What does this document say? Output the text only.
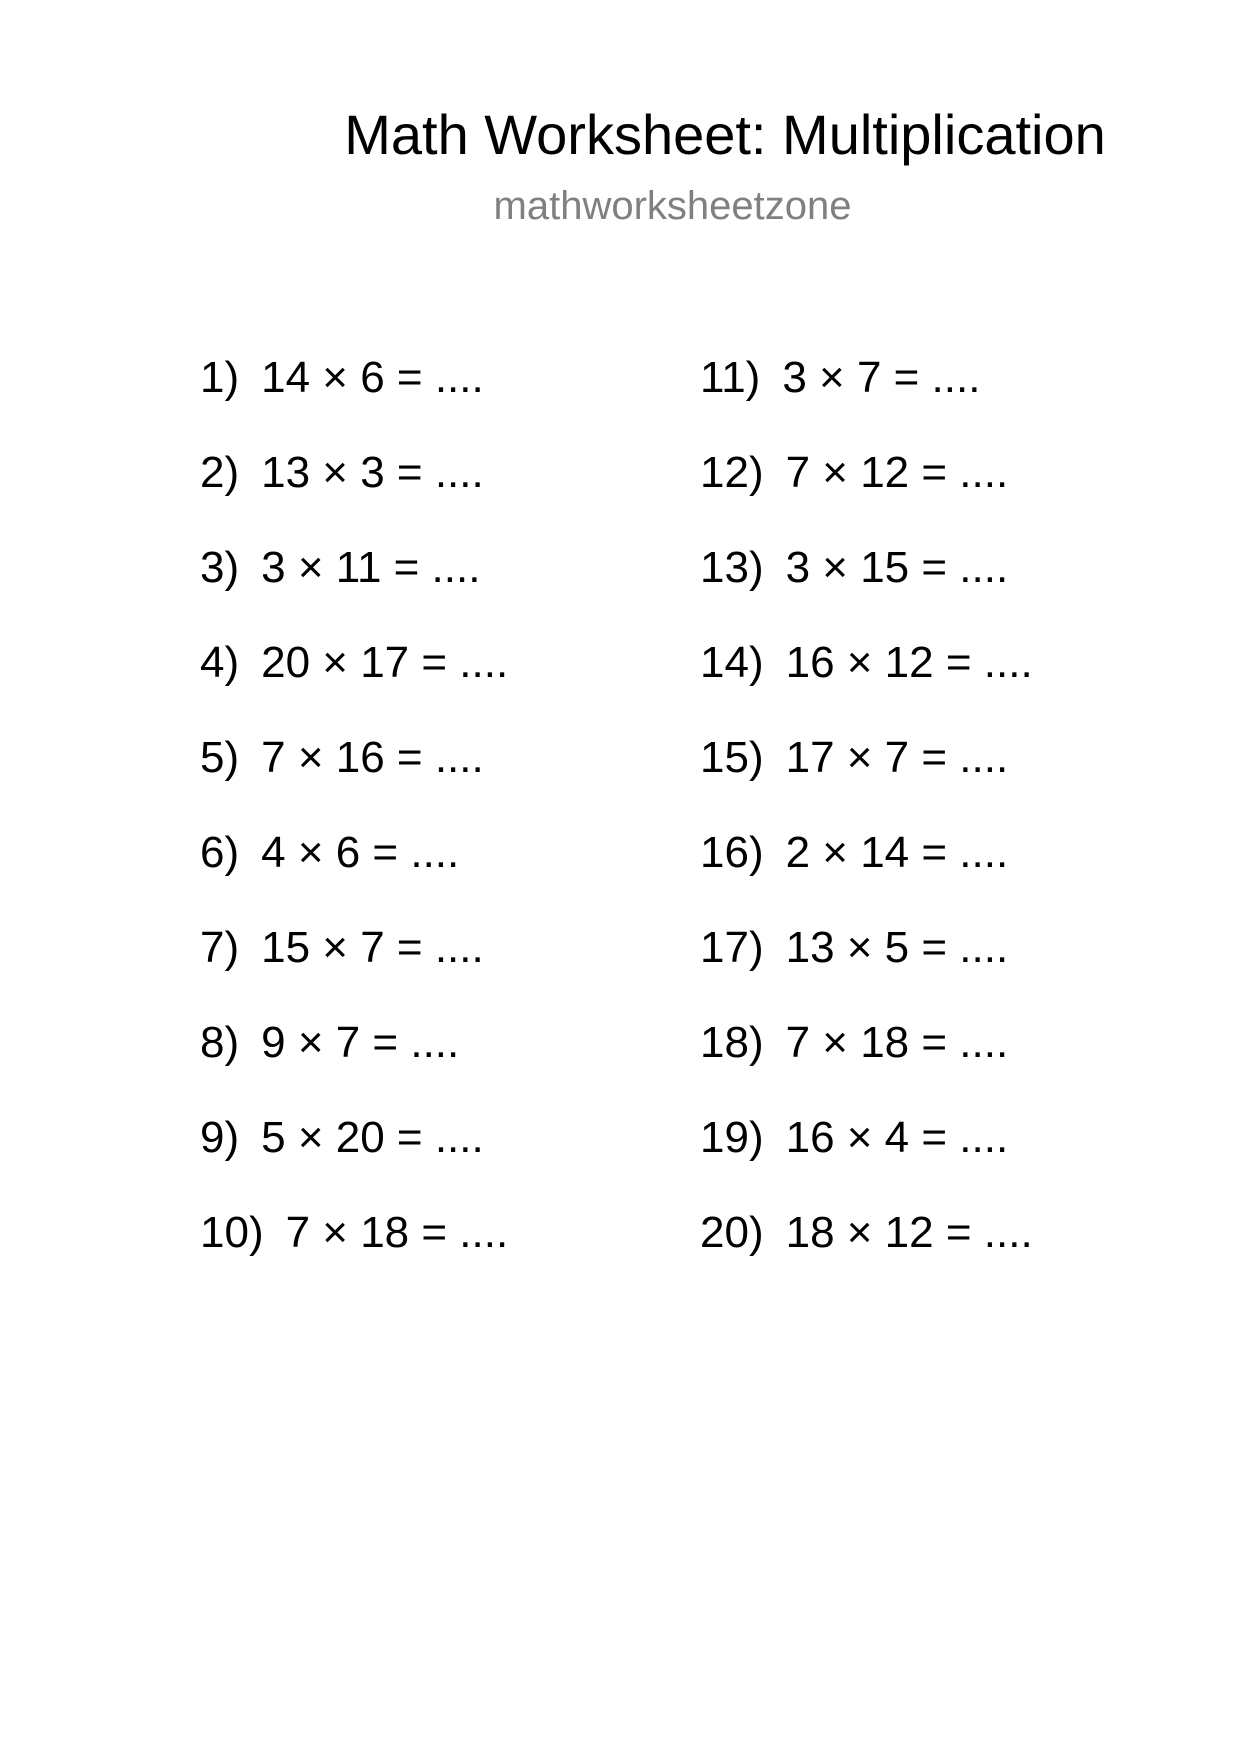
Math Worksheet: Multiplication
mathworksheetzone
1) 14 × 6 = ....
2) 13 × 3 = ....
3) 3 × 11 = ....
4) 20 × 17 = ....
5) 7 × 16 = ....
6) 4 × 6 = ....
7) 15 × 7 = ....
8) 9 × 7 = ....
9) 5 × 20 = ....
10) 7 × 18 = ....
11) 3 × 7 = ....
12) 7 × 12 = ....
13) 3 × 15 = ....
14) 16 × 12 = ....
15) 17 × 7 = ....
16) 2 × 14 = ....
17) 13 × 5 = ....
18) 7 × 18 = ....
19) 16 × 4 = ....
20) 18 × 12 = ....
